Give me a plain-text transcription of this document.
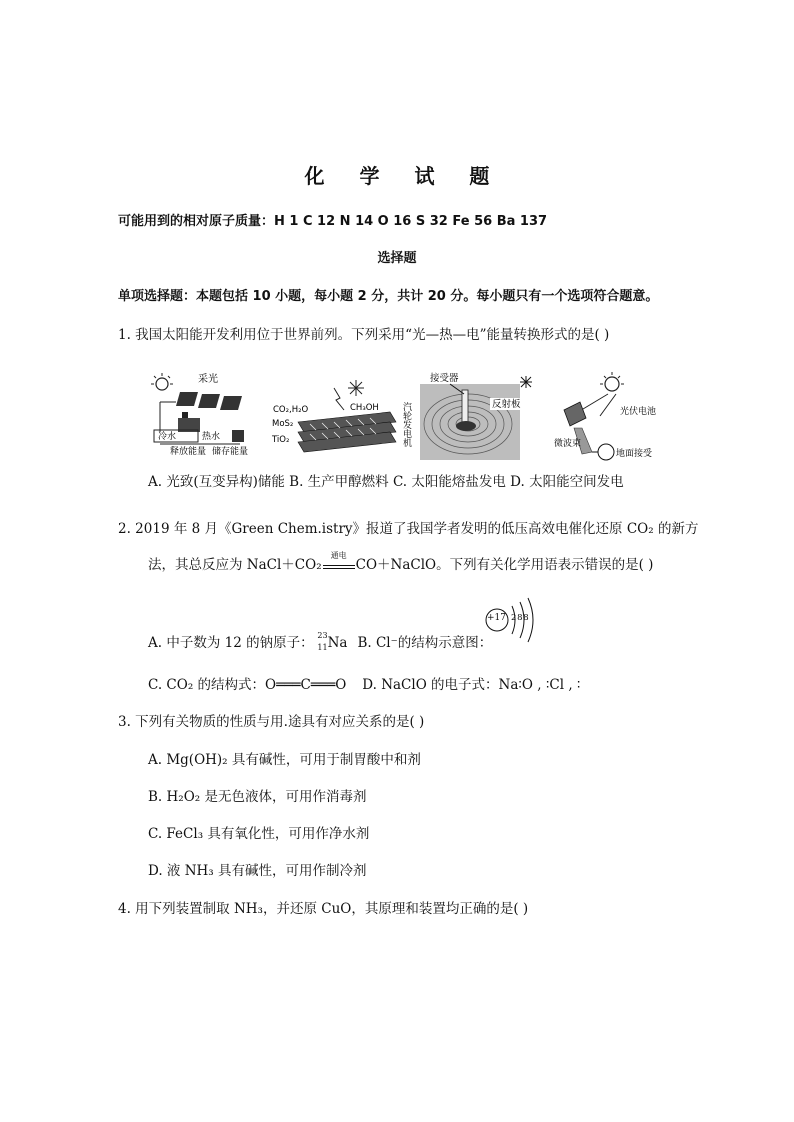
化 学 试 题
可能用到的相对原子质量：H 1 C 12 N 14 O 16 S 32 Fe 56 Ba 137
选择题
单项选择题：本题包括 10 小题，每小题 2 分，共计 20 分。每小题只有一个选项符合题意。
1. 我国太阳能开发利用位于世界前列。下列采用“光—热—电”能量转换形式的是( )
采光
冷水	热水
释放能量 储存能量
CO₂,H₂O	CH₃OH
MoS₂
TiO₂
接受器
反射板
汽轮发电机	光伏电池
微波束
地面接受
A. 光致(互变异构)储能 B. 生产甲醇燃料 C. 太阳能熔盐发电 D. 太阳能空间发电
2. 2019 年 8 月《Green Chem.istry》报道了我国学者发明的低压高效电催化还原 CO₂ 的新方
法，其总反应为 NaCl＋CO₂
通电
CO＋NaClO。下列有关化学用语表示错误的是( )
A. 中子数为 12 的钠原子： 23
11 Na B. Cl⁻的结构示意图：
+17 2 8 8
C. CO₂ 的结构式：O═══C═══O D. NaClO 的电子式：Na∶O , ∶Cl , ∶
3. 下列有关物质的性质与用.途具有对应关系的是( )
A. Mg(OH)₂ 具有碱性，可用于制胃酸中和剂
B. H₂O₂ 是无色液体，可用作消毒剂
C. FeCl₃ 具有氧化性，可用作净水剂
D. 液 NH₃ 具有碱性，可用作制冷剂
4. 用下列装置制取 NH₃，并还原 CuO，其原理和装置均正确的是( )
